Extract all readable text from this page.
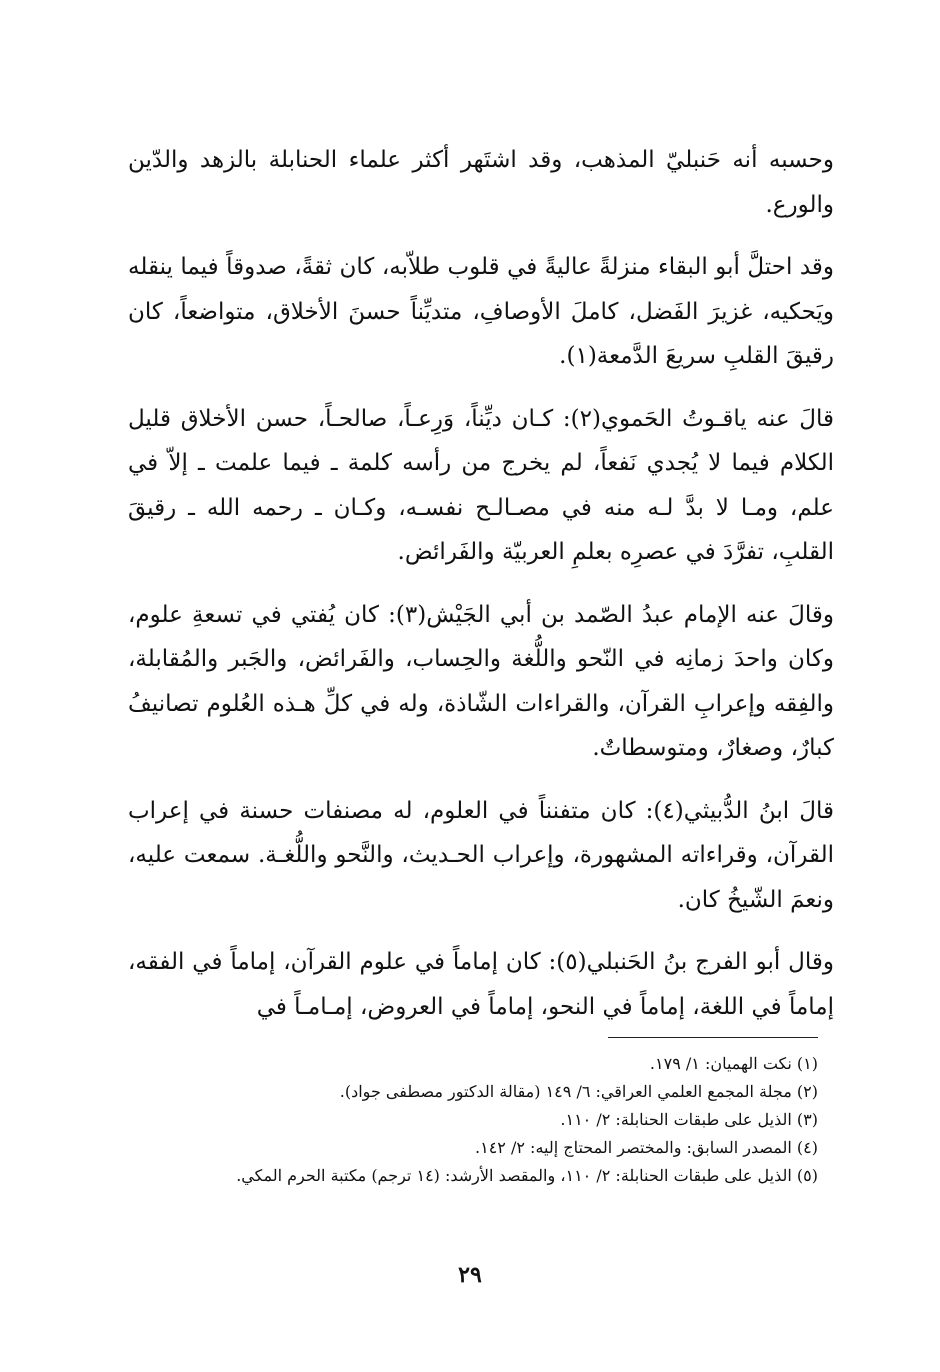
وحسبه أنه حَنبليّ المذهب، وقد اشتَهر أكثر علماء الحنابلة بالزهد والدّين والورع.

وقد احتلَّ أبو البقاء منزلةً عاليةً في قلوب طلاّبه، كان ثقةً، صدوقاً فيما ينقله ويَحكيه، غزيرَ الفَضل، كاملَ الأوصافِ، متديِّناً حسنَ الأخلاق، متواضعاً، كان رقيقَ القلبِ سريعَ الدَّمعة(١).

قالَ عنه ياقـوتُ الحَموي(٢): كـان ديِّناً، وَرِعـاً، صالحـاً، حسن الأخلاق قليل الكلام فيما لا يُجدي نَفعاً، لم يخرج من رأسه كلمة ـ فيما علمت ـ إلاّ في علم، ومـا لا بدَّ لـه منه في مصـالـح نفسـه، وكـان ـ رحمه الله ـ رقيقَ القلبِ، تفرَّدَ في عصرِه بعلمِ العربيّة والفَرائض.

وقالَ عنه الإمام عبدُ الصّمد بن أبي الجَيْش(٣): كان يُفتي في تسعةِ علوم، وكان واحدَ زمانِه في النّحو واللُّغة والحِساب، والفَرائض، والجَبر والمُقابلة، والفِقه وإعرابِ القرآن، والقراءات الشّاذة، وله في كلِّ هـذه العُلوم تصانيفُ كبارٌ، وصغارٌ، ومتوسطاتٌ.

قالَ ابنُ الدُّبيثي(٤): كان متفنناً في العلوم، له مصنفات حسنة في إعراب القرآن، وقراءاته المشهورة، وإعراب الحـديث، والنَّحو واللُّغـة. سمعت عليه، ونعمَ الشّيخُ كان.

وقال أبو الفرج بنُ الحَنبلي(٥): كان إماماً في علوم القرآن، إماماً في الفقه، إماماً في اللغة، إماماً في النحو، إماماً في العروض، إمـامـاً في

(١) نكت الهميان: ١/ ١٧٩.

(٢) مجلة المجمع العلمي العراقي: ٦/ ١٤٩ (مقالة الدكتور مصطفى جواد).

(٣) الذيل على طبقات الحنابلة: ٢/ ١١٠.

(٤) المصدر السابق: والمختصر المحتاج إليه: ٢/ ١٤٢.

(٥) الذيل على طبقات الحنابلة: ٢/ ١١٠، والمقصد الأرشد: (١٤ ترجم) مكتبة الحرم المكي.

٢٩
